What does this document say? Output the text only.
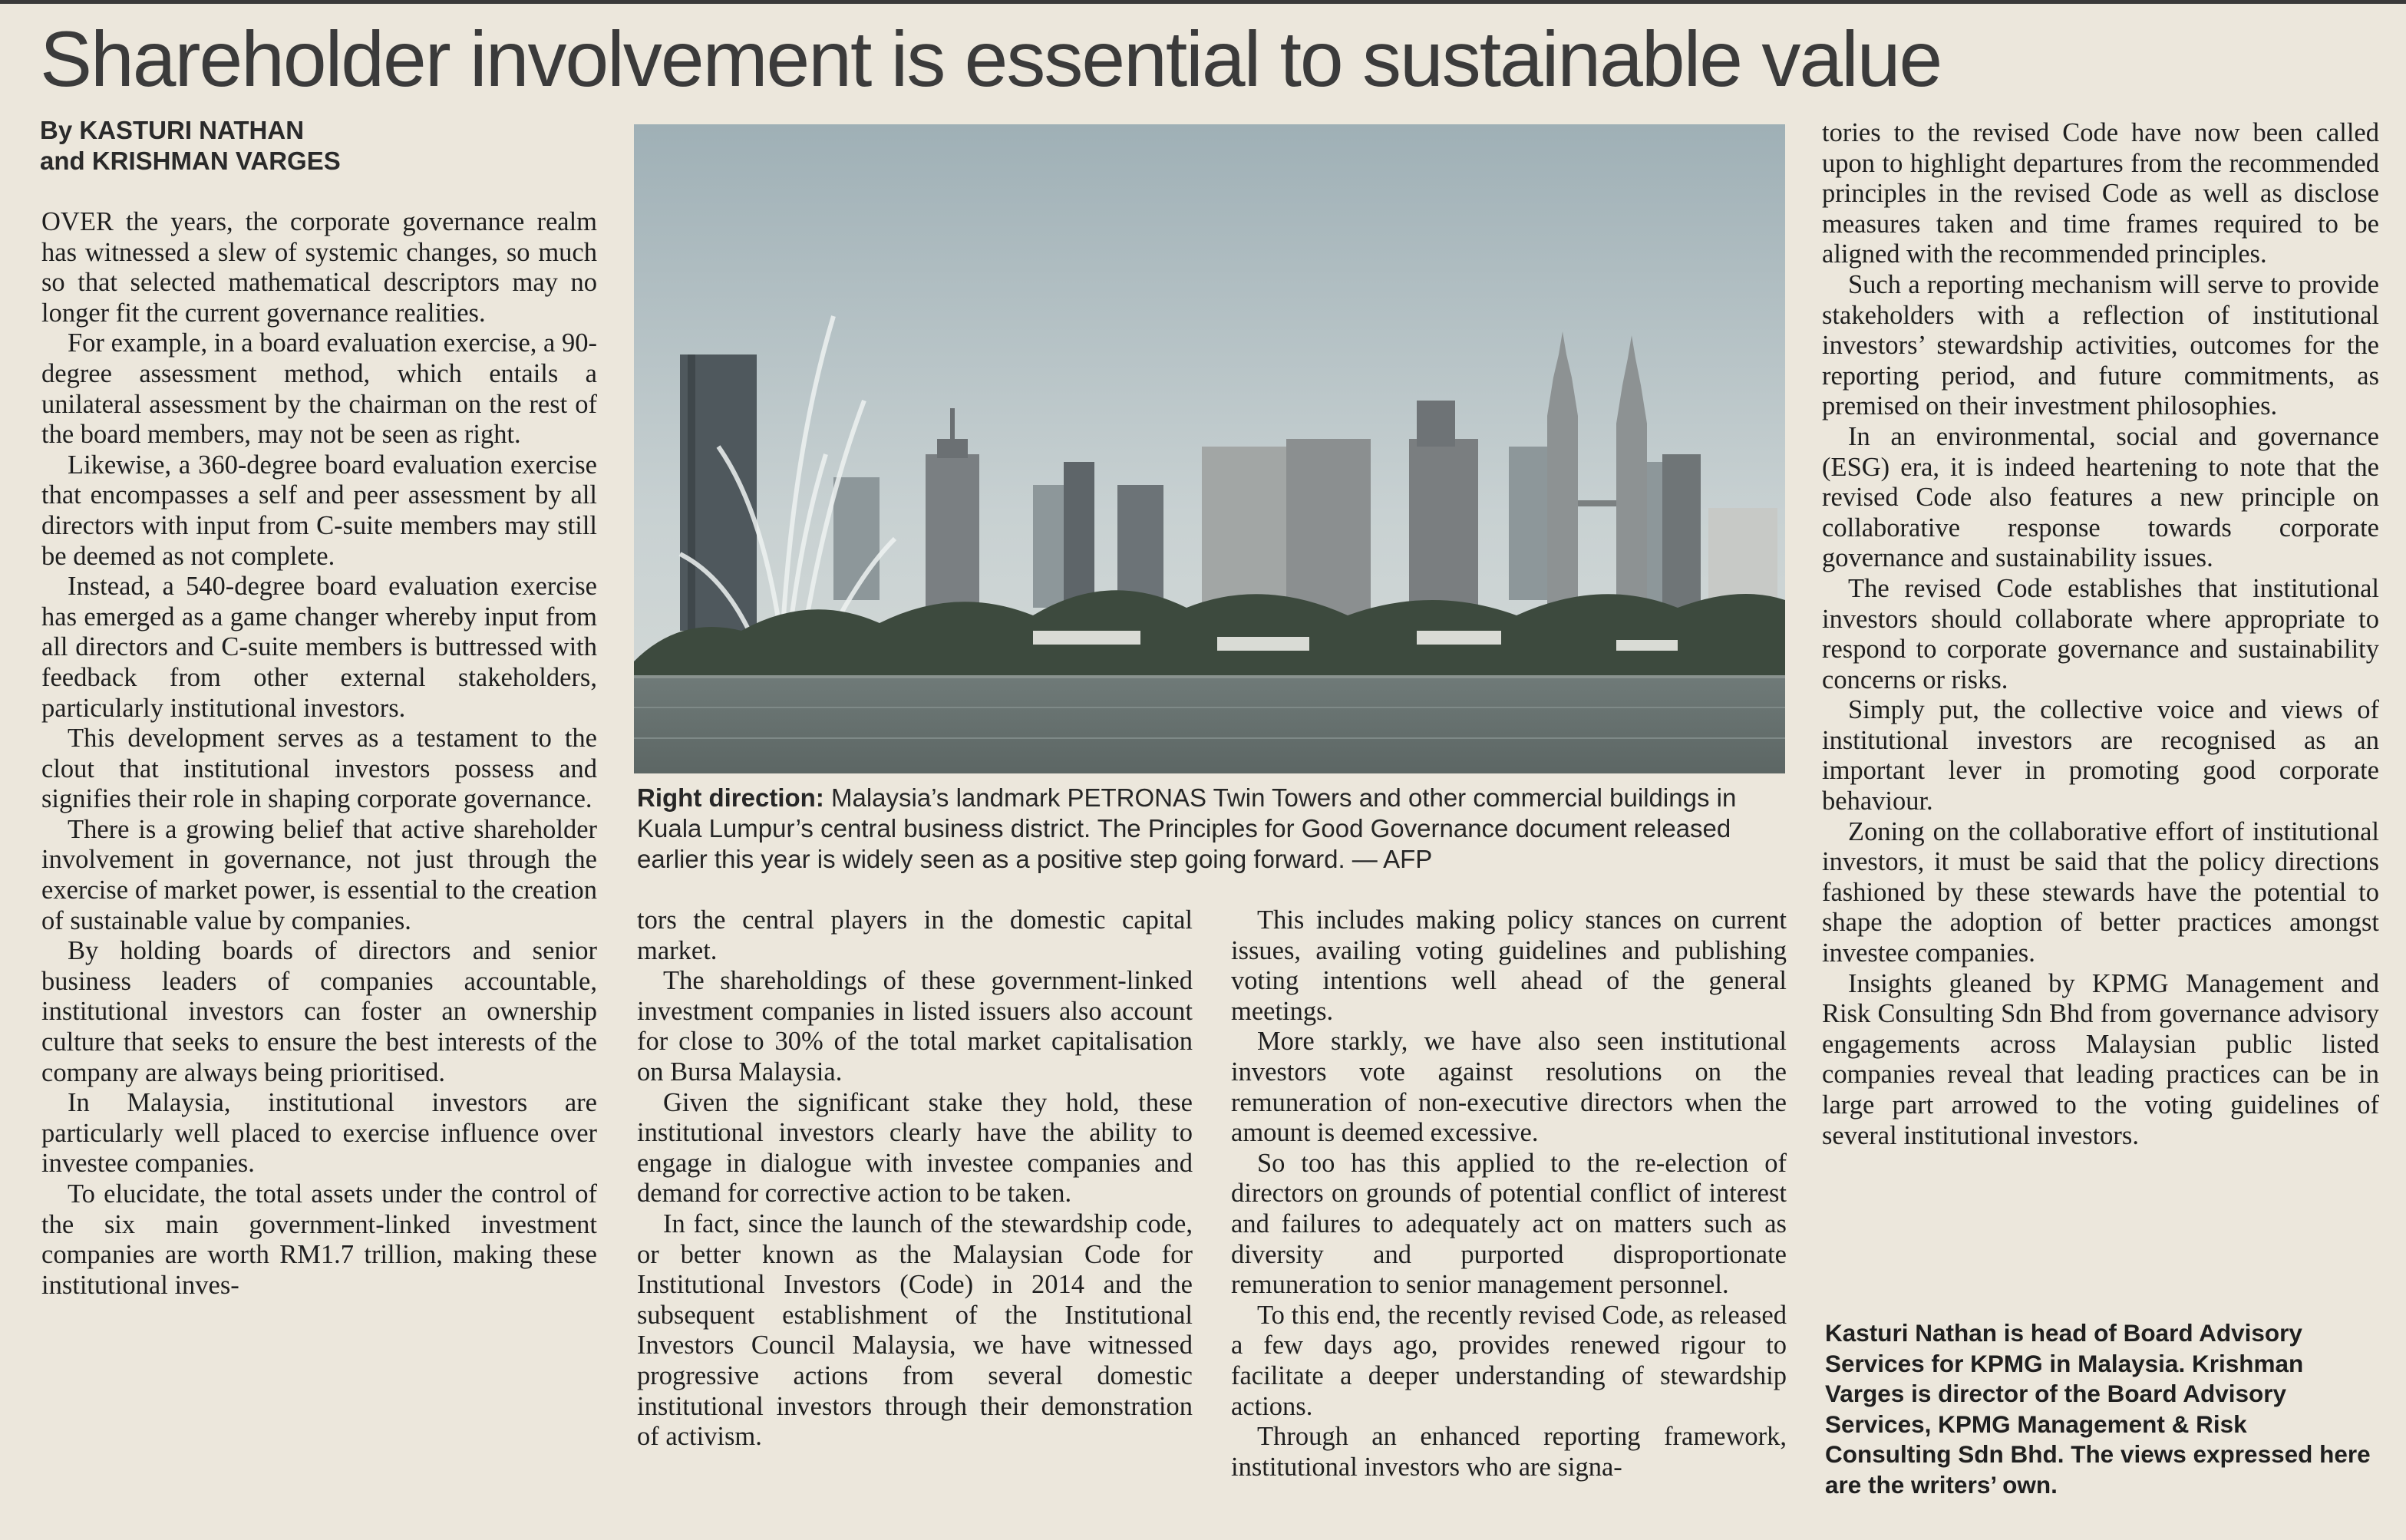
Shareholder involvement is essential to sustainable value
By KASTURI NATHAN
and KRISHMAN VARGES

OVER the years, the corporate governance realm has witnessed a slew of systemic changes, so much so that selected mathematical descriptors may no longer fit the current governance realities.

For example, in a board evaluation exercise, a 90-degree assessment method, which entails a unilateral assessment by the chairman on the rest of the board members, may not be seen as right.

Likewise, a 360-degree board evaluation exercise that encompasses a self and peer assessment by all directors with input from C-suite members may still be deemed as not complete.

Instead, a 540-degree board evaluation exercise has emerged as a game changer whereby input from all directors and C-suite members is buttressed with feedback from other external stakeholders, particularly institutional investors.

This development serves as a testament to the clout that institutional investors possess and signifies their role in shaping corporate governance.

There is a growing belief that active shareholder involvement in governance, not just through the exercise of market power, is essential to the creation of sustainable value by companies.

By holding boards of directors and senior business leaders of companies accountable, institutional investors can foster an ownership culture that seeks to ensure the best interests of the company are always being prioritised.

In Malaysia, institutional investors are particularly well placed to exercise influence over investee companies.

To elucidate, the total assets under the control of the six main government-linked investment companies are worth RM1.7 trillion, making these institutional inves-

Right direction: Malaysia’s landmark PETRONAS Twin Towers and other commercial buildings in Kuala Lumpur’s central business district. The Principles for Good Governance document released earlier this year is widely seen as a positive step going forward. — AFP

tors the central players in the domestic capital market.

The shareholdings of these government-linked investment companies in listed issuers also account for close to 30% of the total market capitalisation on Bursa Malaysia.

Given the significant stake they hold, these institutional investors clearly have the ability to engage in dialogue with investee companies and demand for corrective action to be taken.

In fact, since the launch of the stewardship code, or better known as the Malaysian Code for Institutional Investors (Code) in 2014 and the subsequent establishment of the Institutional Investors Council Malaysia, we have witnessed progressive actions from several domestic institutional investors through their demonstration of activism.

This includes making policy stances on current issues, availing voting guidelines and publishing voting intentions well ahead of the general meetings.

More starkly, we have also seen institutional investors vote against resolutions on the remuneration of non-executive directors when the amount is deemed excessive.

So too has this applied to the re-election of directors on grounds of potential conflict of interest and failures to adequately act on matters such as diversity and purported disproportionate remuneration to senior management personnel.

To this end, the recently revised Code, as released a few days ago, provides renewed rigour to facilitate a deeper understanding of stewardship actions.

Through an enhanced reporting framework, institutional investors who are signa-

tories to the revised Code have now been called upon to highlight departures from the recommended principles in the revised Code as well as disclose measures taken and time frames required to be aligned with the recommended principles.

Such a reporting mechanism will serve to provide stakeholders with a reflection of institutional investors’ stewardship activities, outcomes for the reporting period, and future commitments, as premised on their investment philosophies.

In an environmental, social and governance (ESG) era, it is indeed heartening to note that the revised Code also features a new principle on collaborative response towards corporate governance and sustainability issues.

The revised Code establishes that institutional investors should collaborate where appropriate to respond to corporate governance and sustainability concerns or risks.

Simply put, the collective voice and views of institutional investors are recognised as an important lever in promoting good corporate behaviour.

Zoning on the collaborative effort of institutional investors, it must be said that the policy directions fashioned by these stewards have the potential to shape the adoption of better practices amongst investee companies.

Insights gleaned by KPMG Management and Risk Consulting Sdn Bhd from governance advisory engagements across Malaysian public listed companies reveal that leading practices can be in large part arrowed to the voting guidelines of several institutional investors.

Kasturi Nathan is head of Board Advisory Services for KPMG in Malaysia. Krishman Varges is director of the Board Advisory Services, KPMG Management & Risk Consulting Sdn Bhd. The views expressed here are the writers’ own.
